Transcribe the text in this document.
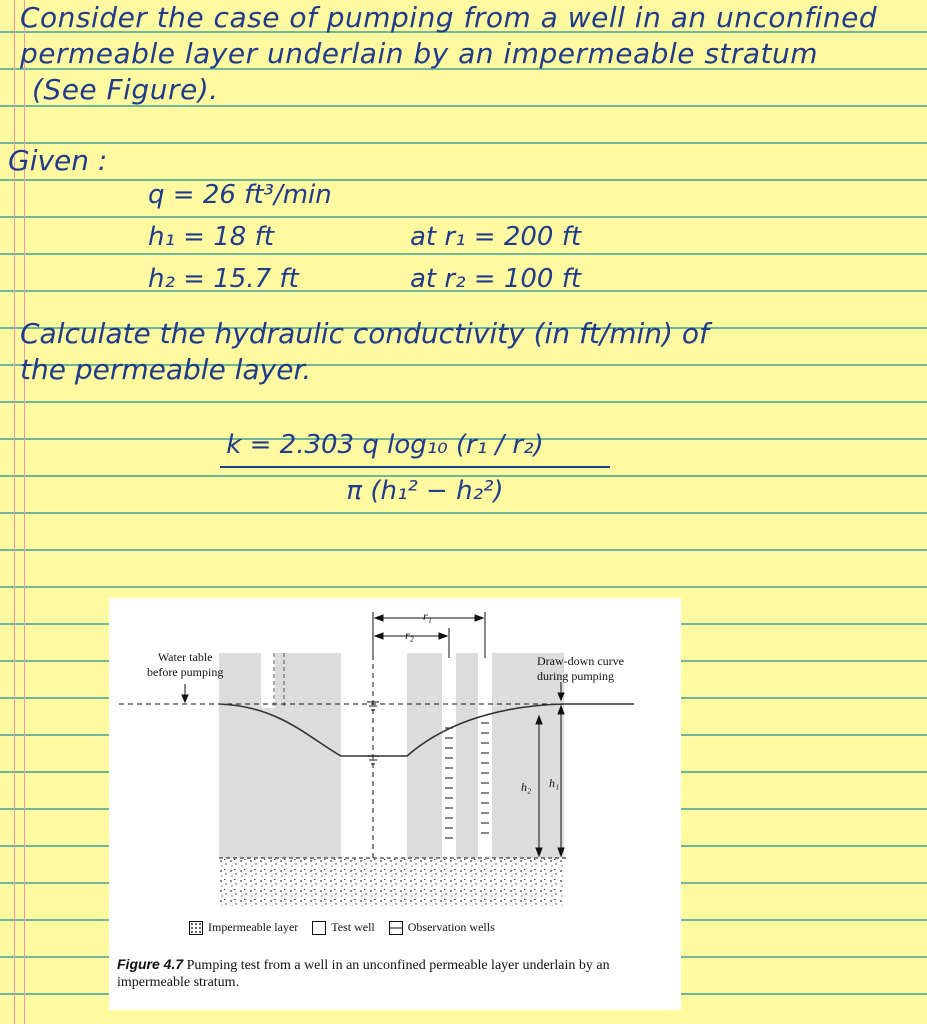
Consider the case of pumping from a well in an unconfined
permeable layer underlain by an impermeable stratum
(See Figure).
Given :
q = 26 ft³/min
h₁ = 18 ft	at r₁ = 200 ft
h₂ = 15.7 ft	at r₂ = 100 ft
Calculate the hydraulic conductivity (in ft/min) of
the permeable layer.
k = 2.303 q log₁₀ (r₁ / r₂)
π (h₁² − h₂²)
Water table
before pumping
Draw-down curve
during pumping
r₁
r₂
h₂ h₁
Impermeable layer	Test well	Observation wells
Figure 4.7 Pumping test from a well in an unconfined permeable layer underlain by an impermeable stratum.
